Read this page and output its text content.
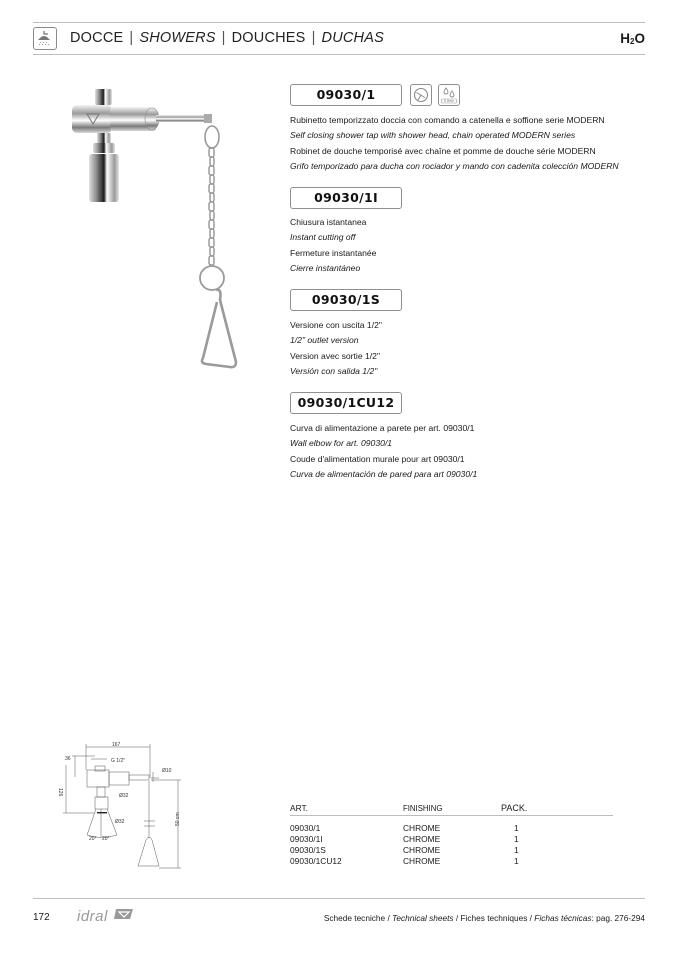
DOCCE | SHOWERS | DOUCHES | DUCHAS	$H_2O$
8 l/min
09030/1
Rubinetto temporizzato doccia con comando a catenella e soffione serie MODERN
Self closing shower tap with shower head, chain operated MODERN series
Robinet de douche temporisé avec chaîne et pomme de douche série MODERN
Grifo temporizado para ducha con rociador y mando con cadenita colección MODERN
09030/1I
Chiusura istantanea
Instant cutting off
Fermeture instantanée
Cierre instantáneo
09030/1S
Versione con uscita 1/2"
1/2" outlet version
Version avec sortie 1/2"
Versión con salida 1/2"
09030/1CU12
Curva di alimentazione a parete per art. 09030/1
Wall elbow for art. 09030/1
Coude d'alimentation murale pour art 09030/1
Curva de alimentación de pared para art 09030/1
167
36	G 1/2"
Ø10
126	Ø32
Ø32
20° 20°
50 cm
ART.	FINISHING	PACK.

09030/1	CHROME	1
09030/1I	CHROME	1
09030/1S	CHROME	1
09030/1CU12	CHROME	1
172 idral	Schede tecniche / Technical sheets / Fiches techniques / Fichas técnicas: pag. 276-294
